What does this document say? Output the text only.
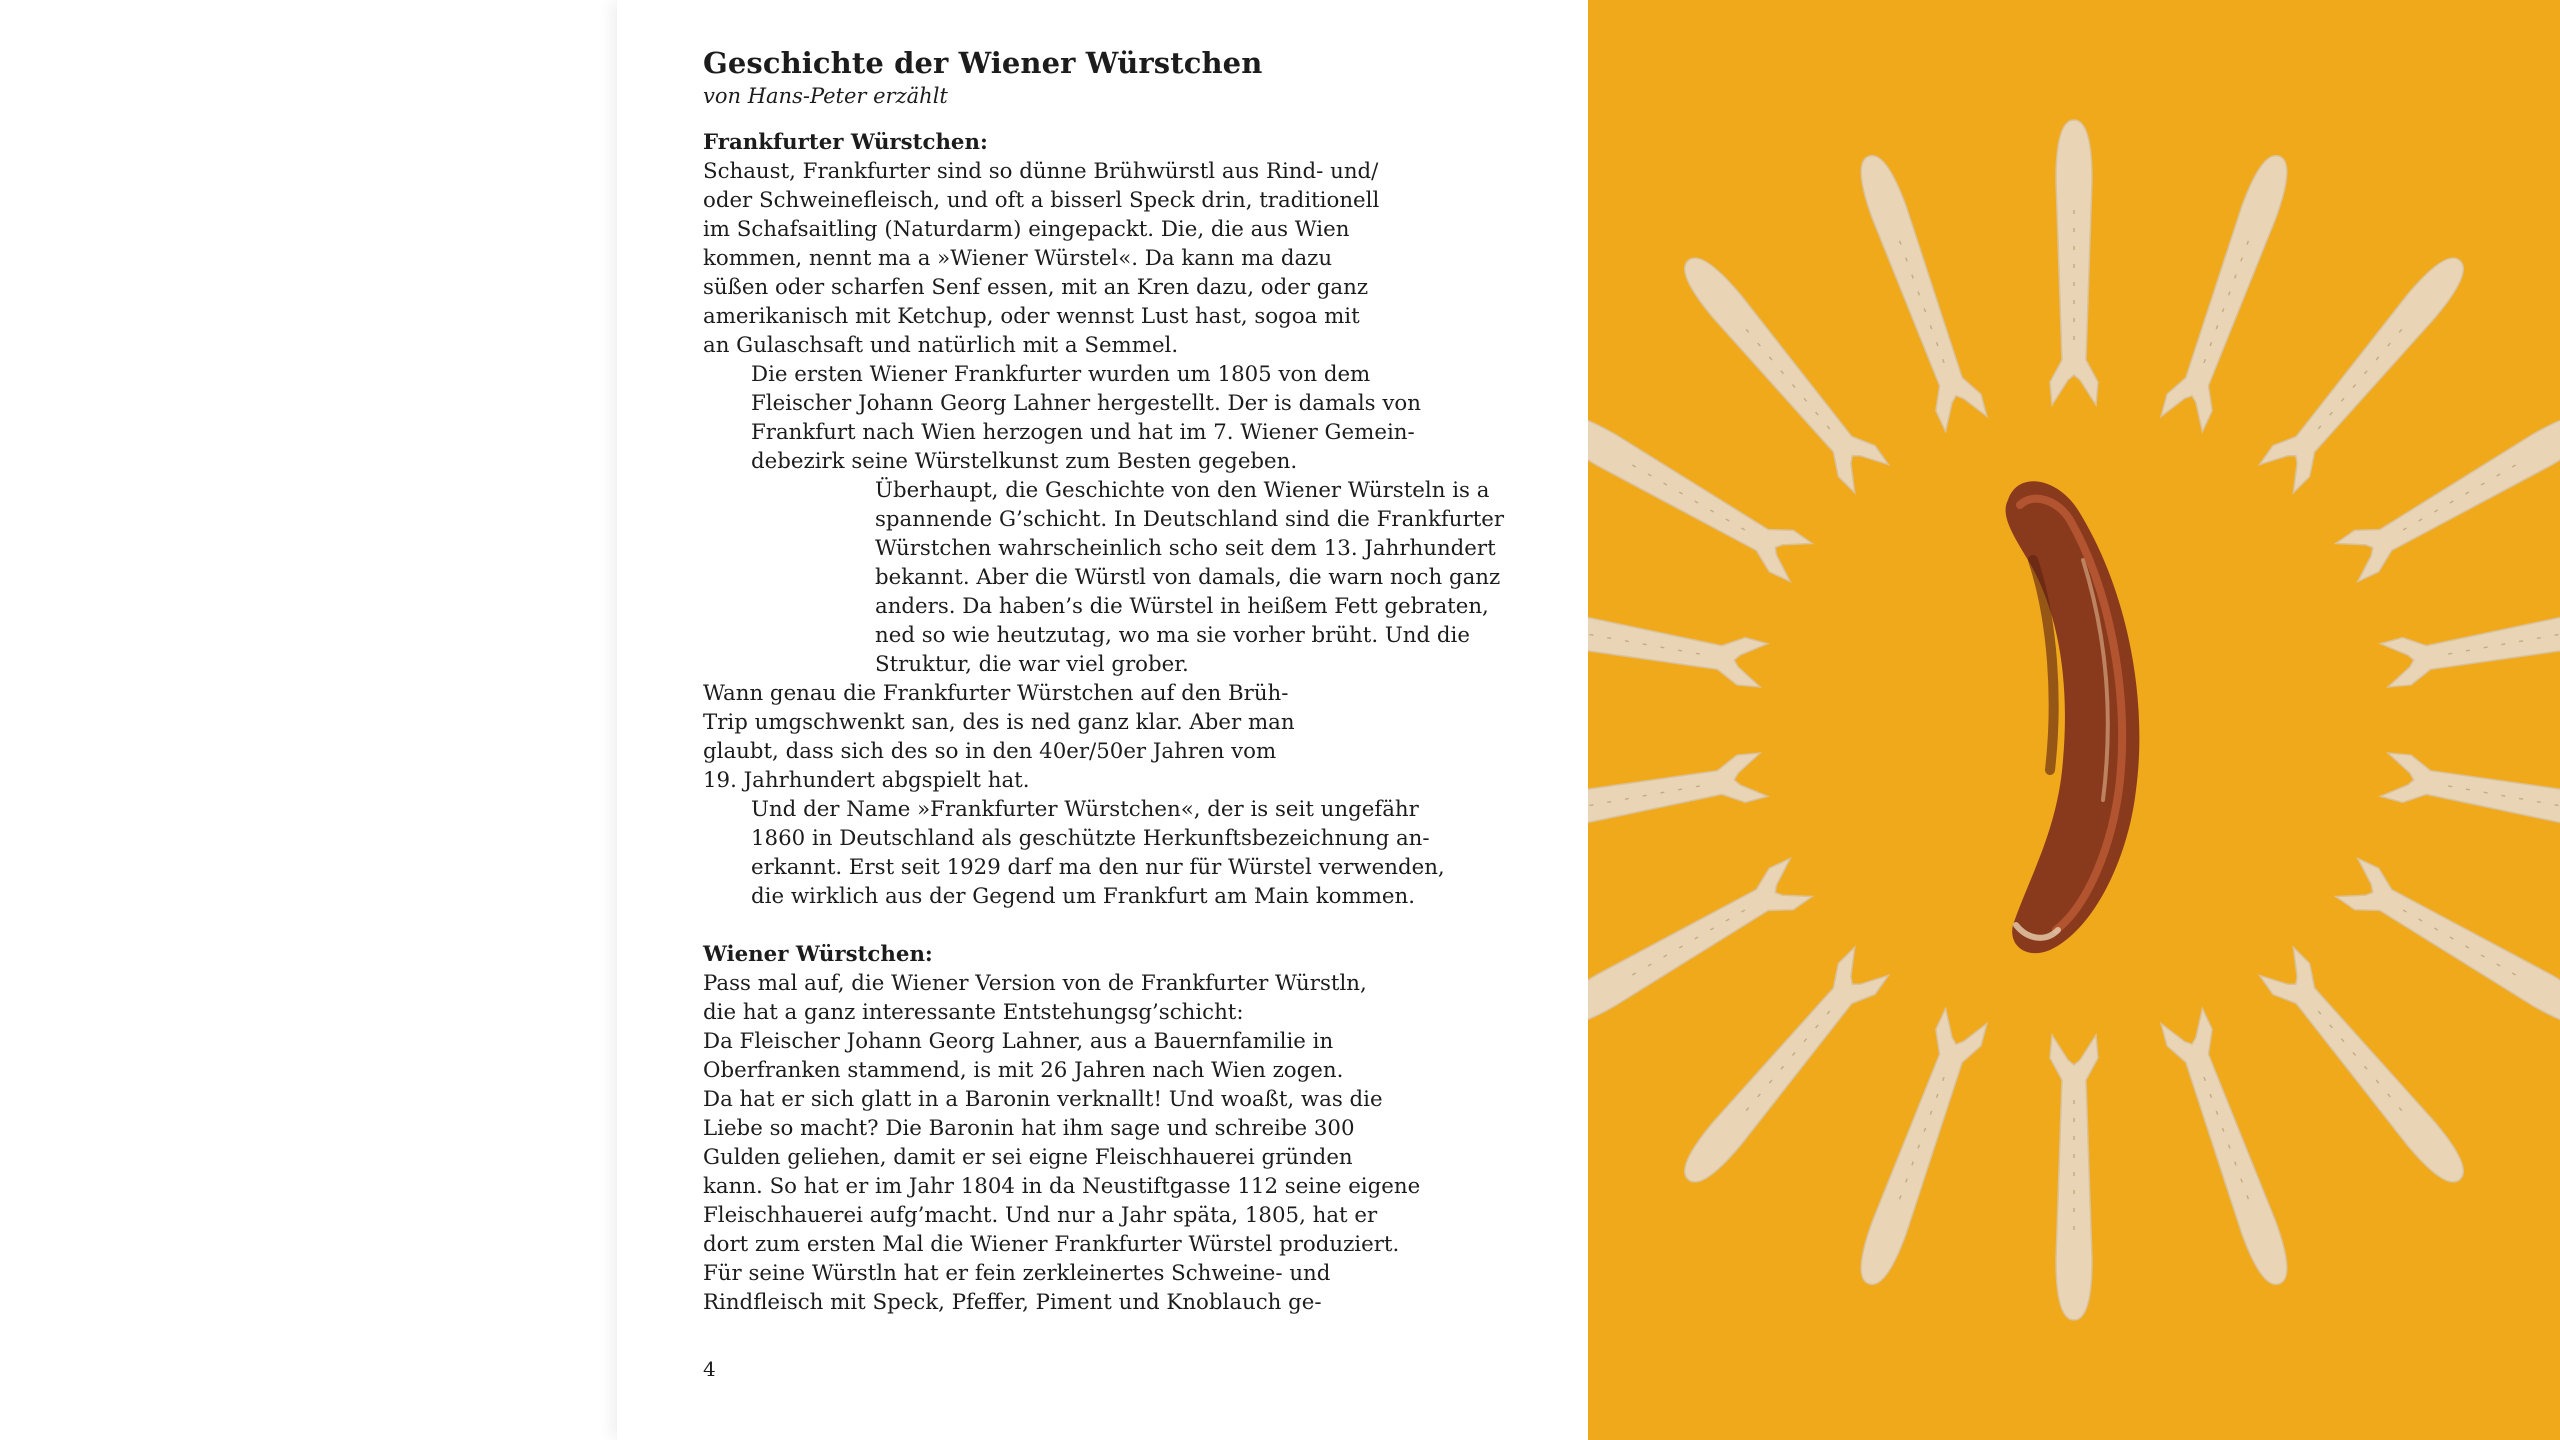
Geschichte der Wiener Würstchen
von Hans-Peter erzählt
Frankfurter Würstchen:
Schaust, Frankfurter sind so dünne Brühwürstl aus Rind- und/
oder Schweinefleisch, und oft a bisserl Speck drin, traditionell
im Schafsaitling (Naturdarm) eingepackt. Die, die aus Wien
kommen, nennt ma a »Wiener Würstel«. Da kann ma dazu
süßen oder scharfen Senf essen, mit an Kren dazu, oder ganz
amerikanisch mit Ketchup, oder wennst Lust hast, sogoa mit
an Gulaschsaft und natürlich mit a Semmel.
Die ersten Wiener Frankfurter wurden um 1805 von dem
Fleischer Johann Georg Lahner hergestellt. Der is damals von
Frankfurt nach Wien herzogen und hat im 7. Wiener Gemein-
debezirk seine Würstelkunst zum Besten gegeben.
Überhaupt, die Geschichte von den Wiener Würsteln is a
spannende G’schicht. In Deutschland sind die Frankfurter
Würstchen wahrscheinlich scho seit dem 13. Jahrhundert
bekannt. Aber die Würstl von damals, die warn noch ganz
anders. Da haben’s die Würstel in heißem Fett gebraten,
ned so wie heutzutag, wo ma sie vorher brüht. Und die
Struktur, die war viel grober.
Wann genau die Frankfurter Würstchen auf den Brüh-
Trip umgschwenkt san, des is ned ganz klar. Aber man
glaubt, dass sich des so in den 40er/50er Jahren vom
19. Jahrhundert abgspielt hat.
Und der Name »Frankfurter Würstchen«, der is seit ungefähr
1860 in Deutschland als geschützte Herkunftsbezeichnung an-
erkannt. Erst seit 1929 darf ma den nur für Würstel verwenden,
die wirklich aus der Gegend um Frankfurt am Main kommen.
Wiener Würstchen:
Pass mal auf, die Wiener Version von de Frankfurter Würstln,
die hat a ganz interessante Entstehungsg’schicht:
Da Fleischer Johann Georg Lahner, aus a Bauernfamilie in
Oberfranken stammend, is mit 26 Jahren nach Wien zogen.
Da hat er sich glatt in a Baronin verknallt! Und woaßt, was die
Liebe so macht? Die Baronin hat ihm sage und schreibe 300
Gulden geliehen, damit er sei eigne Fleischhauerei gründen
kann. So hat er im Jahr 1804 in da Neustiftgasse 112 seine eigene
Fleischhauerei aufg’macht. Und nur a Jahr späta, 1805, hat er
dort zum ersten Mal die Wiener Frankfurter Würstel produziert.
Für seine Würstln hat er fein zerkleinertes Schweine- und
Rindfleisch mit Speck, Pfeffer, Piment und Knoblauch ge-
4
